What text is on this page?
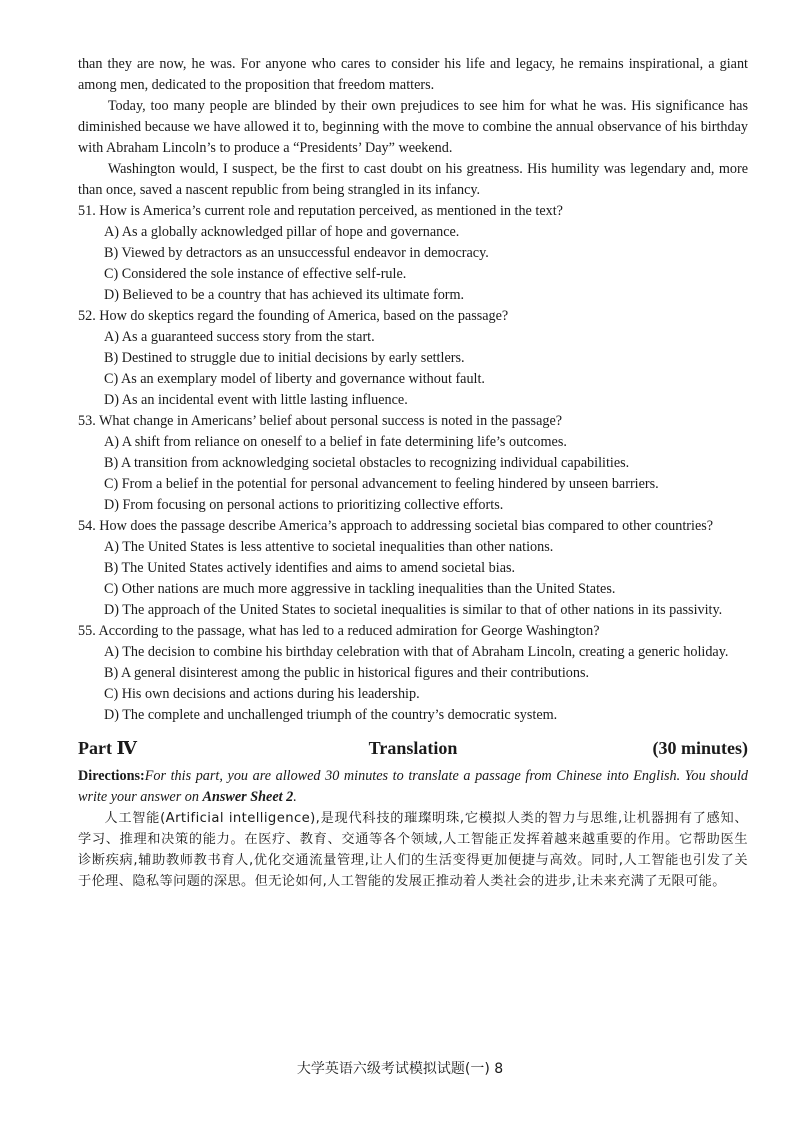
than they are now, he was. For anyone who cares to consider his life and legacy, he remains inspirational, a giant among men, dedicated to the proposition that freedom matters.

Today, too many people are blinded by their own prejudices to see him for what he was. His significance has diminished because we have allowed it to, beginning with the move to combine the annual observance of his birthday with Abraham Lincoln’s to produce a “Presidents’ Day” weekend.

Washington would, I suspect, be the first to cast doubt on his greatness. His humility was legendary and, more than once, saved a nascent republic from being strangled in its infancy.

51. How is America’s current role and reputation perceived, as mentioned in the text?

A) As a globally acknowledged pillar of hope and governance.

B) Viewed by detractors as an unsuccessful endeavor in democracy.

C) Considered the sole instance of effective self-rule.

D) Believed to be a country that has achieved its ultimate form.

52. How do skeptics regard the founding of America, based on the passage?

A) As a guaranteed success story from the start.

B) Destined to struggle due to initial decisions by early settlers.

C) As an exemplary model of liberty and governance without fault.

D) As an incidental event with little lasting influence.

53. What change in Americans’ belief about personal success is noted in the passage?

A) A shift from reliance on oneself to a belief in fate determining life’s outcomes.

B) A transition from acknowledging societal obstacles to recognizing individual capabilities.

C) From a belief in the potential for personal advancement to feeling hindered by unseen barriers.

D) From focusing on personal actions to prioritizing collective efforts.

54. How does the passage describe America’s approach to addressing societal bias compared to other countries?

A) The United States is less attentive to societal inequalities than other nations.

B) The United States actively identifies and aims to amend societal bias.

C) Other nations are much more aggressive in tackling inequalities than the United States.

D) The approach of the United States to societal inequalities is similar to that of other nations in its passivity.

55. According to the passage, what has led to a reduced admiration for George Washington?

A) The decision to combine his birthday celebration with that of Abraham Lincoln, creating a generic holiday.

B) A general disinterest among the public in historical figures and their contributions.

C) His own decisions and actions during his leadership.

D) The complete and unchallenged triumph of the country’s democratic system.

Part Ⅳ	Translation	(30 minutes)

Directions:For this part, you are allowed 30 minutes to translate a passage from Chinese into English. You should write your answer on Answer Sheet 2.

人工智能(Artificial intelligence),是现代科技的璀璨明珠,它模拟人类的智力与思维,让机器拥有了感知、学习、推理和决策的能力。在医疗、教育、交通等各个领域,人工智能正发挥着越来越重要的作用。它帮助医生诊断疾病,辅助教师教书育人,优化交通流量管理,让人们的生活变得更加便捷与高效。同时,人工智能也引发了关于伦理、隐私等问题的深思。但无论如何,人工智能的发展正推动着人类社会的进步,让未来充满了无限可能。

大学英语六级考试模拟试题(一) 8
